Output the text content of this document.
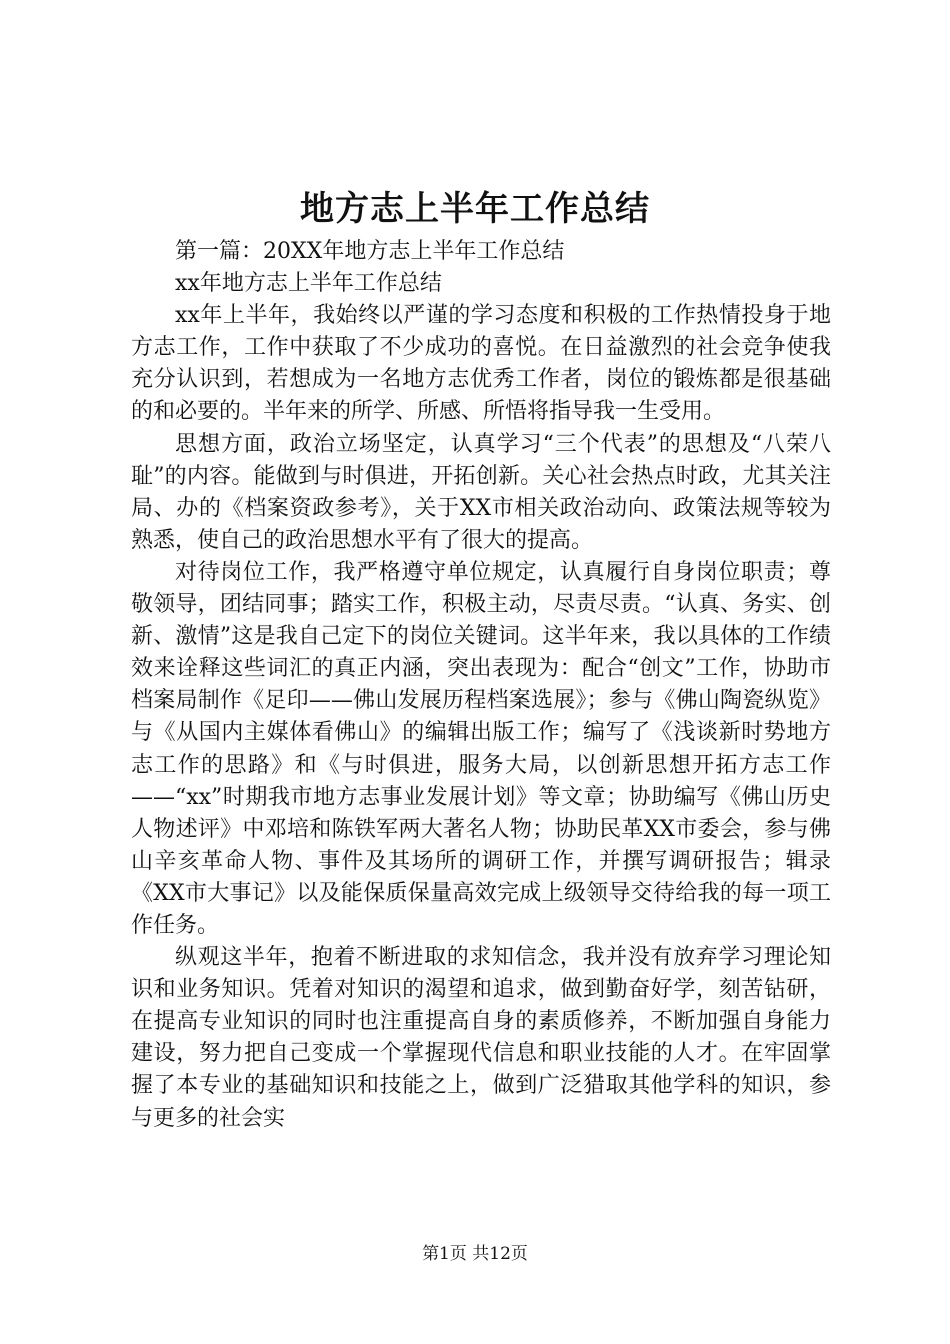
地方志上半年工作总结

第一篇：20XX年地方志上半年工作总结

xx年地方志上半年工作总结

xx年上半年，我始终以严谨的学习态度和积极的工作热情投身于地方志工作，工作中获取了不少成功的喜悦。在日益激烈的社会竞争使我充分认识到，若想成为一名地方志优秀工作者，岗位的锻炼都是很基础的和必要的。半年来的所学、所感、所悟将指导我一生受用。

思想方面，政治立场坚定，认真学习“三个代表”的思想及“八荣八耻”的内容。能做到与时俱进，开拓创新。关心社会热点时政，尤其关注局、办的《档案资政参考》，关于XX市相关政治动向、政策法规等较为熟悉，使自己的政治思想水平有了很大的提高。

对待岗位工作，我严格遵守单位规定，认真履行自身岗位职责；尊敬领导，团结同事；踏实工作，积极主动，尽责尽责。“认真、务实、创新、激情”这是我自己定下的岗位关键词。这半年来，我以具体的工作绩效来诠释这些词汇的真正内涵，突出表现为：配合“创文”工作，协助市档案局制作《足印——佛山发展历程档案选展》；参与《佛山陶瓷纵览》与《从国内主媒体看佛山》的编辑出版工作；编写了《浅谈新时势地方志工作的思路》和《与时俱进，服务大局，以创新思想开拓方志工作——“xx”时期我市地方志事业发展计划》等文章；协助编写《佛山历史人物述评》中邓培和陈铁军两大著名人物；协助民革XX市委会，参与佛山辛亥革命人物、事件及其场所的调研工作，并撰写调研报告；辑录《XX市大事记》以及能保质保量高效完成上级领导交待给我的每一项工作任务。

纵观这半年，抱着不断进取的求知信念，我并没有放弃学习理论知识和业务知识。凭着对知识的渴望和追求，做到勤奋好学，刻苦钻研，在提高专业知识的同时也注重提高自身的素质修养，不断加强自身能力建设，努力把自己变成一个掌握现代信息和职业技能的人才。在牢固掌握了本专业的基础知识和技能之上，做到广泛猎取其他学科的知识，参与更多的社会实

第1页 共12页
